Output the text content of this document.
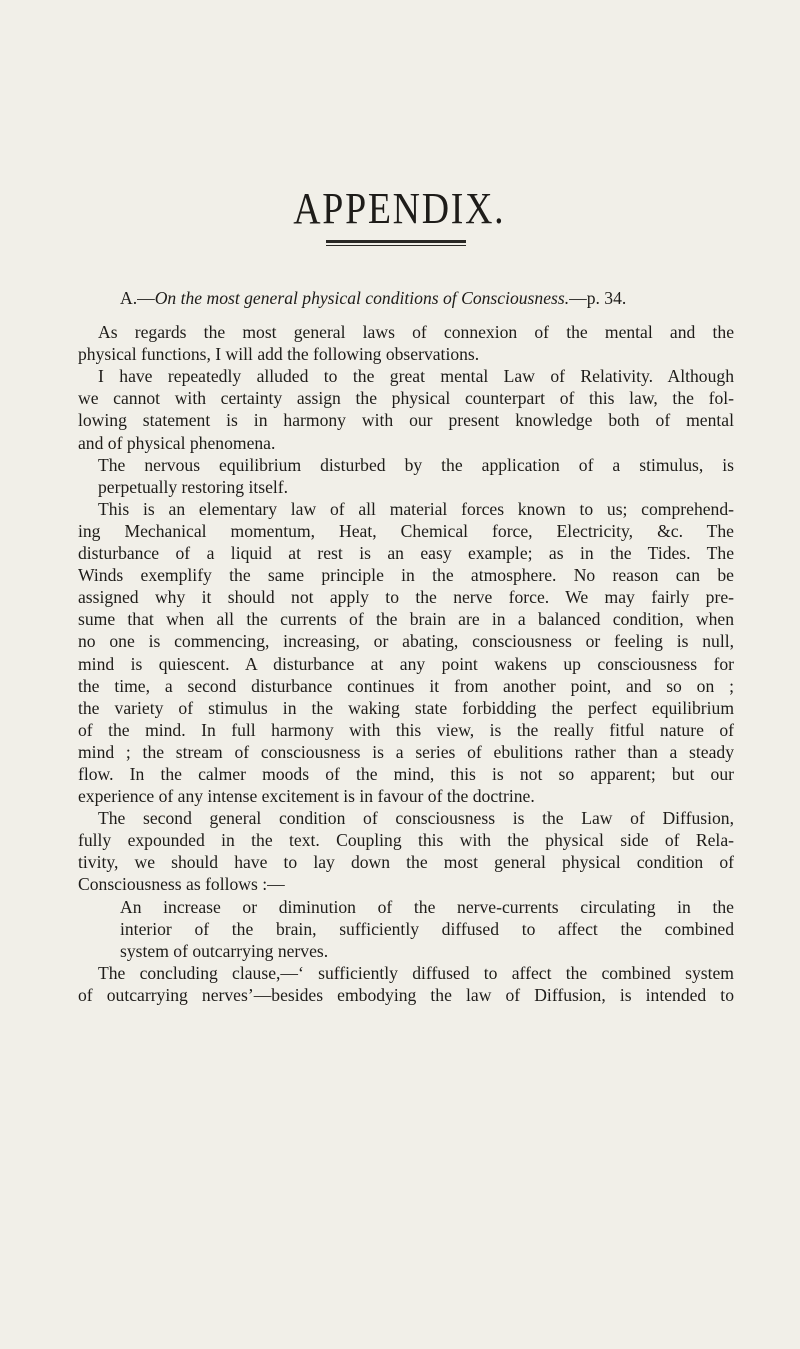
APPENDIX.

A.—On the most general physical conditions of Consciousness.—p. 34.

As regards the most general laws of connexion of the mental and the
physical functions, I will add the following observations.

I have repeatedly alluded to the great mental Law of Relativity. Although
we cannot with certainty assign the physical counterpart of this law, the fol-
lowing statement is in harmony with our present knowledge both of mental
and of physical phenomena.

The nervous equilibrium disturbed by the application of a stimulus, is
perpetually restoring itself.

This is an elementary law of all material forces known to us; comprehend-
ing Mechanical momentum, Heat, Chemical force, Electricity, &c. The
disturbance of a liquid at rest is an easy example; as in the Tides. The
Winds exemplify the same principle in the atmosphere. No reason can be
assigned why it should not apply to the nerve force. We may fairly pre-
sume that when all the currents of the brain are in a balanced condition, when
no one is commencing, increasing, or abating, consciousness or feeling is null,
mind is quiescent. A disturbance at any point wakens up consciousness for
the time, a second disturbance continues it from another point, and so on ;
the variety of stimulus in the waking state forbidding the perfect equilibrium
of the mind. In full harmony with this view, is the really fitful nature of
mind ; the stream of consciousness is a series of ebulitions rather than a steady
flow. In the calmer moods of the mind, this is not so apparent; but our
experience of any intense excitement is in favour of the doctrine.

The second general condition of consciousness is the Law of Diffusion,
fully expounded in the text. Coupling this with the physical side of Rela-
tivity, we should have to lay down the most general physical condition of
Consciousness as follows :—

An increase or diminution of the nerve-currents circulating in the
interior of the brain, sufficiently diffused to affect the combined
system of outcarrying nerves.

The concluding clause,—‘ sufficiently diffused to affect the combined system
of outcarrying nerves’—besides embodying the law of Diffusion, is intended to
